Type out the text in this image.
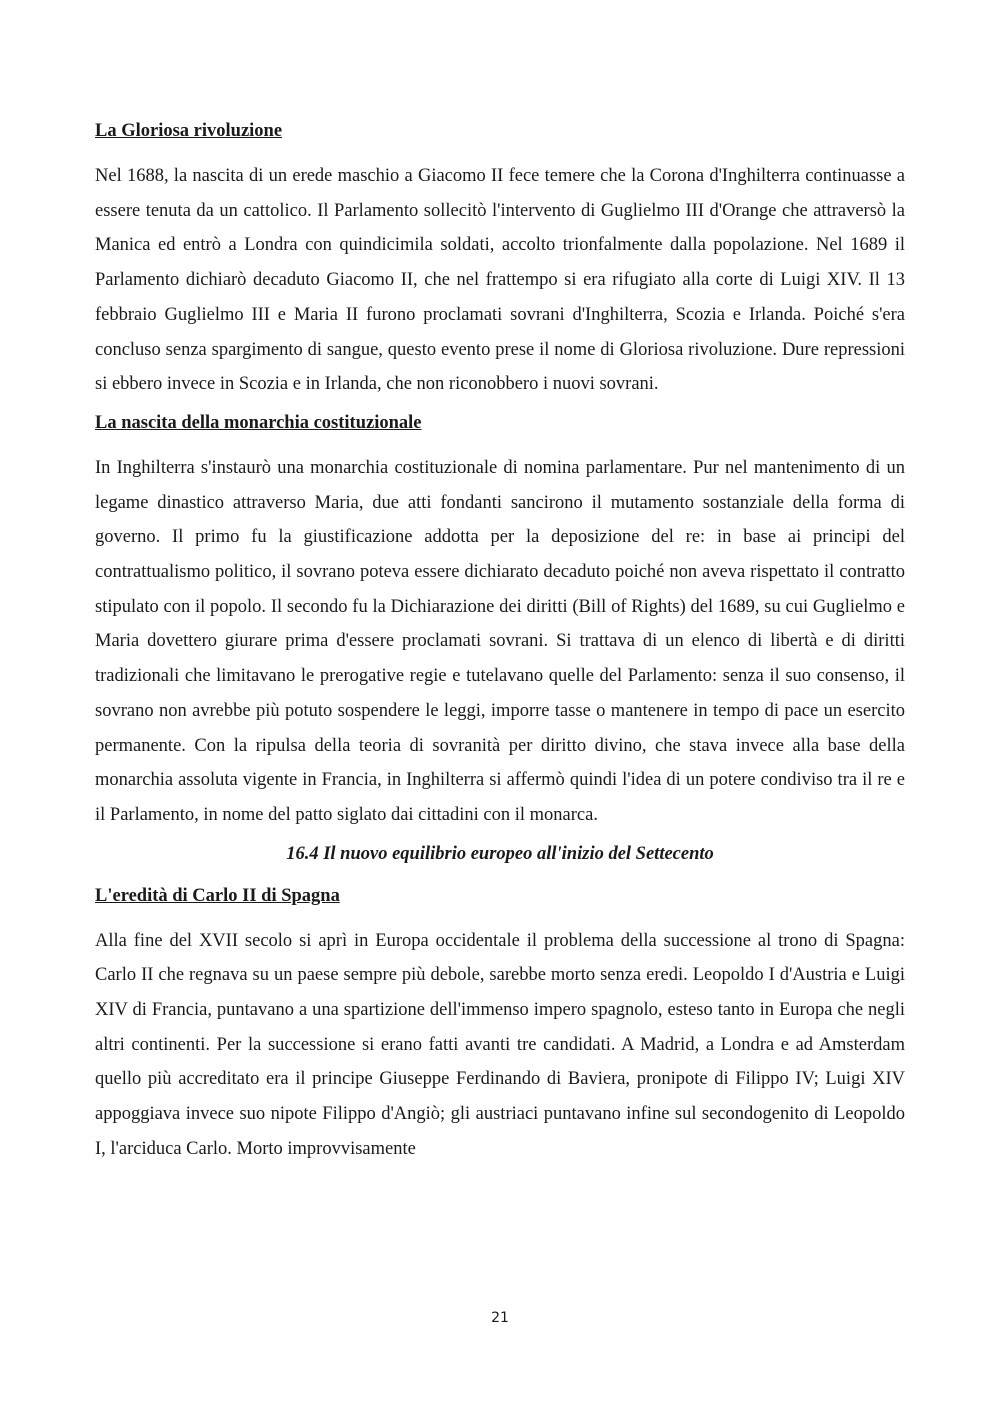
La Gloriosa rivoluzione

Nel 1688, la nascita di un erede maschio a Giacomo II fece temere che la Corona d'Inghilterra continuasse a essere tenuta da un cattolico. Il Parlamento sollecitò l'intervento di Guglielmo III d'Orange che attraversò la Manica ed entrò a Londra con quindicimila soldati, accolto trionfalmente dalla popolazione. Nel 1689 il Parlamento dichiarò decaduto Giacomo II, che nel frattempo si era rifugiato alla corte di Luigi XIV. Il 13 febbraio Guglielmo III e Maria II furono proclamati sovrani d'Inghilterra, Scozia e Irlanda. Poiché s'era concluso senza spargimento di sangue, questo evento prese il nome di Gloriosa rivoluzione. Dure repressioni si ebbero invece in Scozia e in Irlanda, che non riconobbero i nuovi sovrani.

La nascita della monarchia costituzionale

In Inghilterra s'instaurò una monarchia costituzionale di nomina parlamentare. Pur nel mantenimento di un legame dinastico attraverso Maria, due atti fondanti sancirono il mutamento sostanziale della forma di governo. Il primo fu la giustificazione addotta per la deposizione del re: in base ai principi del contrattualismo politico, il sovrano poteva essere dichiarato decaduto poiché non aveva rispettato il contratto stipulato con il popolo. Il secondo fu la Dichiarazione dei diritti (Bill of Rights) del 1689, su cui Guglielmo e Maria dovettero giurare prima d'essere proclamati sovrani. Si trattava di un elenco di libertà e di diritti tradizionali che limitavano le prerogative regie e tutelavano quelle del Parlamento: senza il suo consenso, il sovrano non avrebbe più potuto sospendere le leggi, imporre tasse o mantenere in tempo di pace un esercito permanente. Con la ripulsa della teoria di sovranità per diritto divino, che stava invece alla base della monarchia assoluta vigente in Francia, in Inghilterra si affermò quindi l'idea di un potere condiviso tra il re e il Parlamento, in nome del patto siglato dai cittadini con il monarca.

16.4 Il nuovo equilibrio europeo all'inizio del Settecento
L'eredità di Carlo II di Spagna

Alla fine del XVII secolo si aprì in Europa occidentale il problema della successione al trono di Spagna: Carlo II che regnava su un paese sempre più debole, sarebbe morto senza eredi. Leopoldo I d'Austria e Luigi XIV di Francia, puntavano a una spartizione dell'immenso impero spagnolo, esteso tanto in Europa che negli altri continenti. Per la successione si erano fatti avanti tre candidati. A Madrid, a Londra e ad Amsterdam quello più accreditato era il principe Giuseppe Ferdinando di Baviera, pronipote di Filippo IV; Luigi XIV appoggiava invece suo nipote Filippo d'Angiò; gli austriaci puntavano infine sul secondogenito di Leopoldo I, l'arciduca Carlo. Morto improvvisamente

21
